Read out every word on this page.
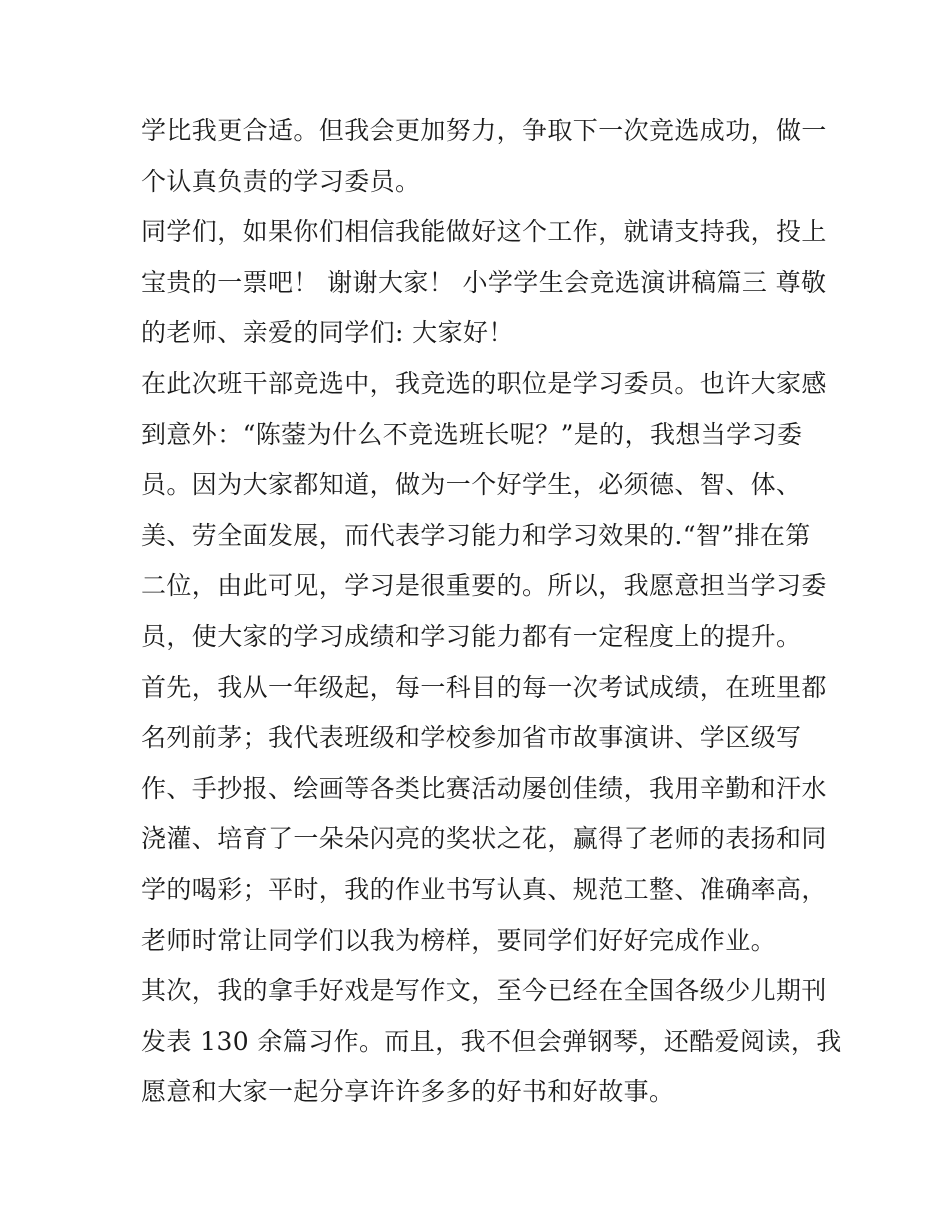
学比我更合适。但我会更加努力，争取下一次竞选成功，做一
个认真负责的学习委员。
同学们，如果你们相信我能做好这个工作，就请支持我，投上
宝贵的一票吧！ 谢谢大家！ 小学学生会竞选演讲稿篇三 尊敬
的老师、亲爱的同学们: 大家好！
在此次班干部竞选中，我竞选的职位是学习委员。也许大家感
到意外：“陈蓥为什么不竞选班长呢？”是的，我想当学习委
员。因为大家都知道，做为一个好学生，必须德、智、体、
美、劳全面发展，而代表学习能力和学习效果的.“智”排在第
二位，由此可见，学习是很重要的。所以，我愿意担当学习委
员，使大家的学习成绩和学习能力都有一定程度上的提升。
首先，我从一年级起，每一科目的每一次考试成绩，在班里都
名列前茅；我代表班级和学校参加省市故事演讲、学区级写
作、手抄报、绘画等各类比赛活动屡创佳绩，我用辛勤和汗水
浇灌、培育了一朵朵闪亮的奖状之花，赢得了老师的表扬和同
学的喝彩；平时，我的作业书写认真、规范工整、准确率高，
老师时常让同学们以我为榜样，要同学们好好完成作业。
其次，我的拿手好戏是写作文，至今已经在全国各级少儿期刊
发表 130 余篇习作。而且，我不但会弹钢琴，还酷爱阅读，我
愿意和大家一起分享许许多多的好书和好故事。
